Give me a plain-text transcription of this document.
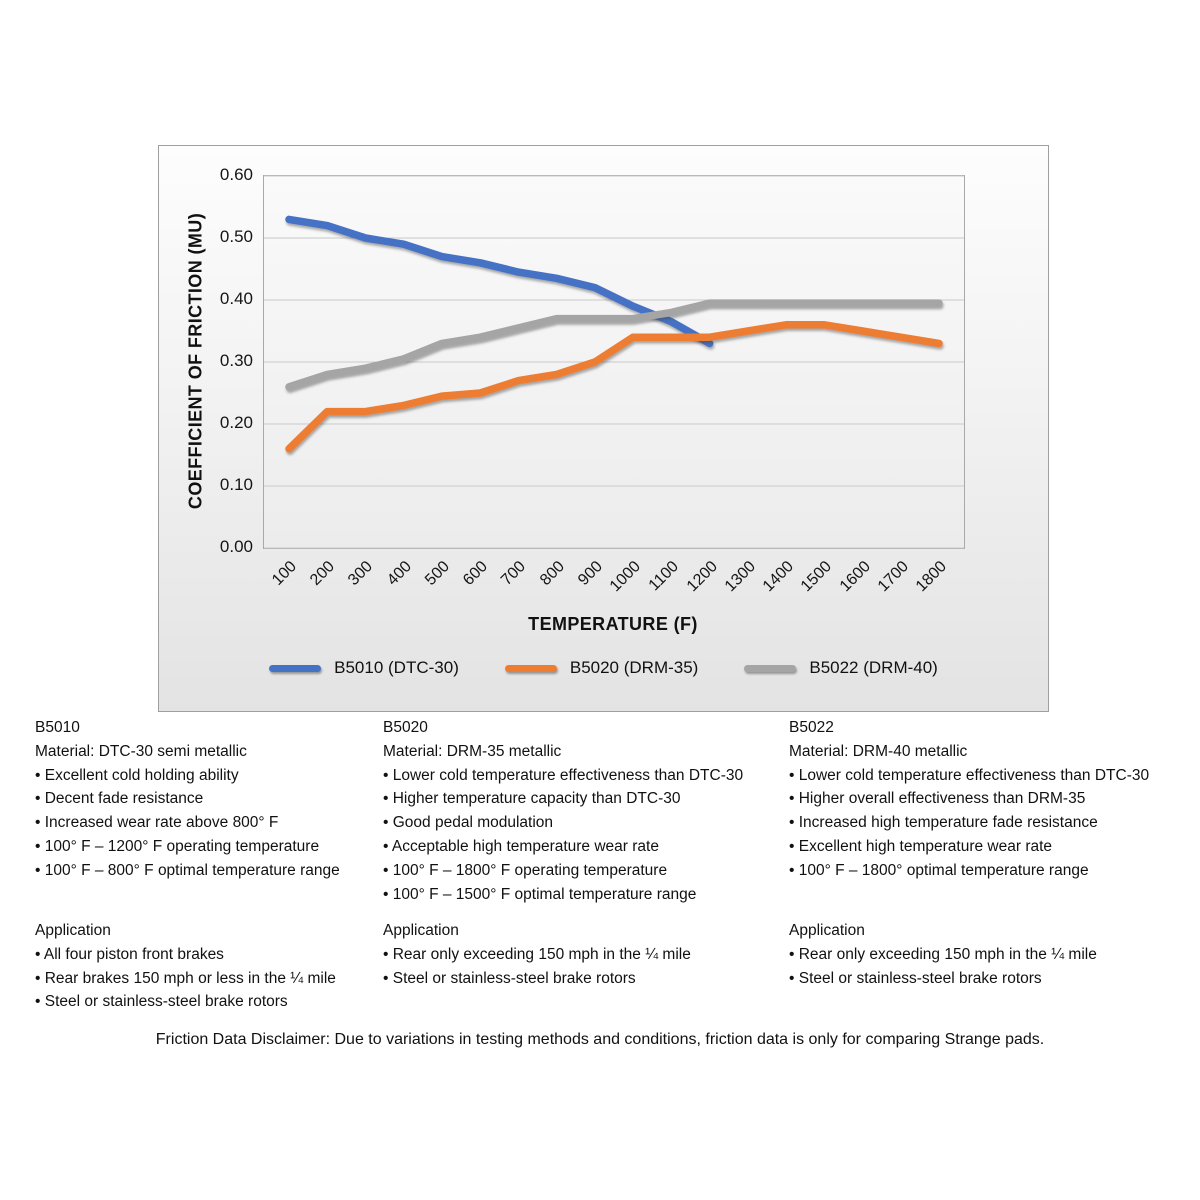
COEFFICIENT OF FRICTION (MU)
0.60
0.50
0.40
0.30
0.20
0.10
0.00
100 200 300 400 500 600 700 800 900 1000 1100 1200 1300 1400 1500 1600 1700 1800
TEMPERATURE (F)
B5010 (DTC-30)	B5020 (DRM-35)	B5022 (DRM-40)
B5010
Material: DTC-30 semi metallic
• Excellent cold holding ability
• Decent fade resistance
• Increased wear rate above 800° F
• 100° F – 1200° F operating temperature
• 100° F – 800° F optimal temperature range
B5020
Material: DRM-35 metallic
• Lower cold temperature effectiveness than DTC-30
• Higher temperature capacity than DTC-30
• Good pedal modulation
• Acceptable high temperature wear rate
• 100° F – 1800° F operating temperature
• 100° F – 1500° F optimal temperature range
B5022
Material: DRM-40 metallic
• Lower cold temperature effectiveness than DTC-30
• Higher overall effectiveness than DRM-35
• Increased high temperature fade resistance
• Excellent high temperature wear rate
• 100° F – 1800° optimal temperature range
Application
• All four piston front brakes
• Rear brakes 150 mph or less in the ¼ mile
• Steel or stainless-steel brake rotors
Application
• Rear only exceeding 150 mph in the ¼ mile
• Steel or stainless-steel brake rotors
Application
• Rear only exceeding 150 mph in the ¼ mile
• Steel or stainless-steel brake rotors
Friction Data Disclaimer: Due to variations in testing methods and conditions, friction data is only for comparing Strange pads.
